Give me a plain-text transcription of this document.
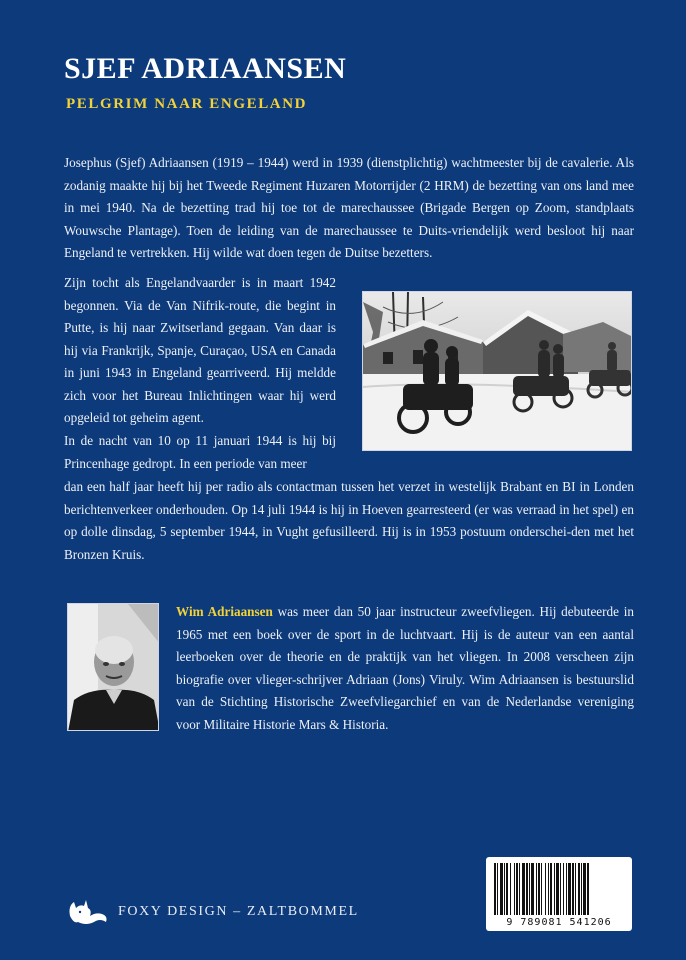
SJEF ADRIAANSEN
PELGRIM NAAR ENGELAND
Josephus (Sjef) Adriaansen (1919 – 1944) werd in 1939 (dienstplichtig) wachtmeester bij de cavalerie. Als zodanig maakte hij bij het Tweede Regiment Huzaren Motorrijder (2 HRM) de bezetting van ons land mee in mei 1940. Na de bezetting trad hij toe tot de marechaussee (Brigade Bergen op Zoom, standplaats Wouwsche Plantage). Toen de leiding van de marechaussee te Duits-vriendelijk werd besloot hij naar Engeland te vertrekken. Hij wilde wat doen tegen de Duitse bezetters.
Zijn tocht als Engelandvaarder is in maart 1942 begonnen. Via de Van Nifrik-route, die begint in Putte, is hij naar Zwitserland gegaan. Van daar is hij via Frankrijk, Spanje, Curaçao, USA en Canada in juni 1943 in Engeland gearriveerd. Hij meldde zich voor het Bureau Inlichtingen waar hij werd opgeleid tot geheim agent.
In de nacht van 10 op 11 januari 1944 is hij bij Princenhage gedropt. In een periode van meer
dan een half jaar heeft hij per radio als contactman tussen het verzet in westelijk Brabant en BI in Londen berichtenverkeer onderhouden. Op 14 juli 1944 is hij in Hoeven gearresteerd (er was verraad in het spel) en op dolle dinsdag, 5 september 1944, in Vught gefusilleerd. Hij is in 1953 postuum onderschei-den met het Bronzen Kruis.
Wim Adriaansen was meer dan 50 jaar instructeur zweefvliegen. Hij debuteerde in 1965 met een boek over de sport in de luchtvaart. Hij is de auteur van een aantal leerboeken over de theorie en de praktijk van het vliegen. In 2008 verscheen zijn biografie over vlieger-schrijver Adriaan (Jons) Viruly. Wim Adriaansen is bestuurslid van de Stichting Historische Zweefvliegarchief en van de Nederlandse vereniging voor Militaire Historie Mars & Historia.
9 789081 541206
FOXY DESIGN – ZALTBOMMEL
